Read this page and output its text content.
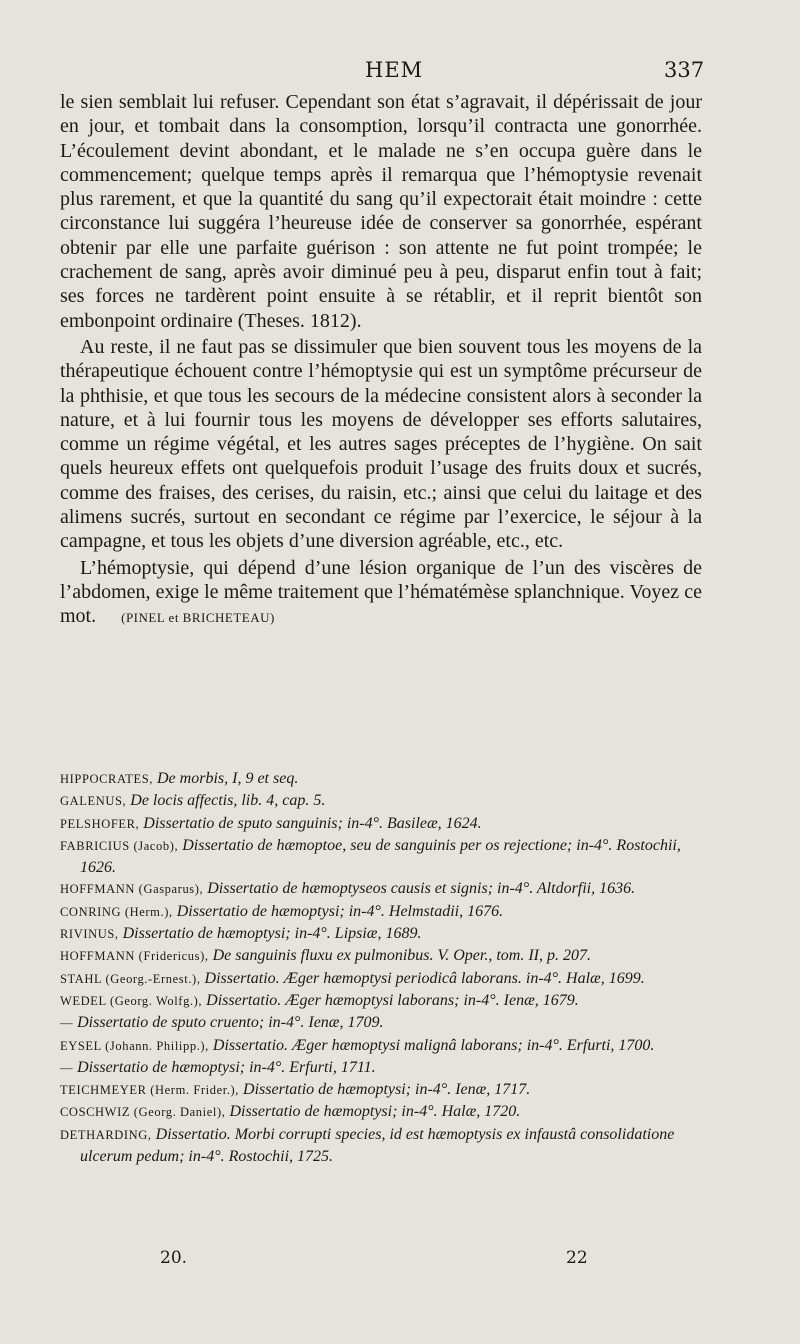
HEM	337

le sien semblait lui refuser. Cependant son état s’agravait, il dépérissait de jour en jour, et tombait dans la consomption, lorsqu’il contracta une gonorrhée. L’écoulement devint abondant, et le malade ne s’en occupa guère dans le commencement; quelque temps après il remarqua que l’hémoptysie revenait plus rarement, et que la quantité du sang qu’il expectorait était moindre : cette circonstance lui suggéra l’heureuse idée de conserver sa gonorrhée, espérant obtenir par elle une parfaite guérison : son attente ne fut point trompée; le crachement de sang, après avoir diminué peu à peu, disparut enfin tout à fait; ses forces ne tardèrent point ensuite à se rétablir, et il reprit bientôt son embonpoint ordinaire (Theses. 1812).

Au reste, il ne faut pas se dissimuler que bien souvent tous les moyens de la thérapeutique échouent contre l’hémoptysie qui est un symptôme précurseur de la phthisie, et que tous les secours de la médecine consistent alors à seconder la nature, et à lui fournir tous les moyens de développer ses efforts salutaires, comme un régime végétal, et les autres sages préceptes de l’hygiène. On sait quels heureux effets ont quelquefois produit l’usage des fruits doux et sucrés, comme des fraises, des cerises, du raisin, etc.; ainsi que celui du laitage et des alimens sucrés, surtout en secondant ce régime par l’exercice, le séjour à la campagne, et tous les objets d’une diversion agréable, etc., etc.

L’hémoptysie, qui dépend d’une lésion organique de l’un des viscères de l’abdomen, exige le même traitement que l’hématémèse splanchnique. Voyez ce mot. (PINEL et BRICHETEAU)

HIPPOCRATES, De morbis, I, 9 et seq.

GALENUS, De locis affectis, lib. 4, cap. 5.

PELSHOFER, Dissertatio de sputo sanguinis; in-4°. Basileæ, 1624.

FABRICIUS (Jacob), Dissertatio de hæmoptoe, seu de sanguinis per os rejectione; in-4°. Rostochii, 1626.

HOFFMANN (Gasparus), Dissertatio de hæmoptyseos causis et signis; in-4°. Altdorfii, 1636.

CONRING (Herm.), Dissertatio de hæmoptysi; in-4°. Helmstadii, 1676.

RIVINUS, Dissertatio de hæmoptysi; in-4°. Lipsiæ, 1689.

HOFFMANN (Fridericus), De sanguinis fluxu ex pulmonibus. V. Oper., tom. II, p. 207.

STAHL (Georg.-Ernest.), Dissertatio. Æger hæmoptysi periodicâ laborans. in-4°. Halæ, 1699.

WEDEL (Georg. Wolfg.), Dissertatio. Æger hæmoptysi laborans; in-4°. Ienæ, 1679.

— Dissertatio de sputo cruento; in-4°. Ienæ, 1709.

EYSEL (Johann. Philipp.), Dissertatio. Æger hæmoptysi malignâ laborans; in-4°. Erfurti, 1700.

— Dissertatio de hæmoptysi; in-4°. Erfurti, 1711.

TEICHMEYER (Herm. Frider.), Dissertatio de hæmoptysi; in-4°. Ienæ, 1717.

COSCHWIZ (Georg. Daniel), Dissertatio de hæmoptysi; in-4°. Halæ, 1720.

DETHARDING, Dissertatio. Morbi corrupti species, id est hæmoptysis ex infaustâ consolidatione ulcerum pedum; in-4°. Rostochii, 1725.

20.	22
